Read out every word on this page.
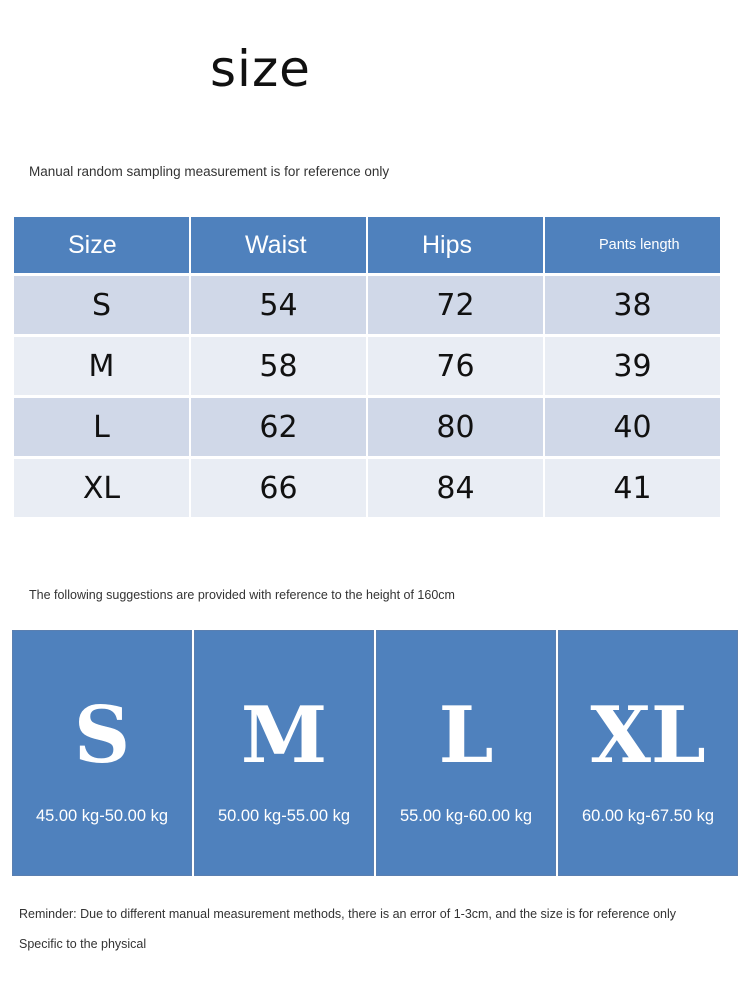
size
Manual random sampling measurement is for reference only
Size	Waist	Hips	Pants length
S	54	72	38
M	58	76	39
L	62	80	40
XL	66	84	41
The following suggestions are provided with reference to the height of 160cm
S
45.00 kg-50.00 kg
M
50.00 kg-55.00 kg
L
55.00 kg-60.00 kg
XL
60.00 kg-67.50 kg
Reminder: Due to different manual measurement methods, there is an error of 1-3cm, and the size is for reference only
Specific to the physical
